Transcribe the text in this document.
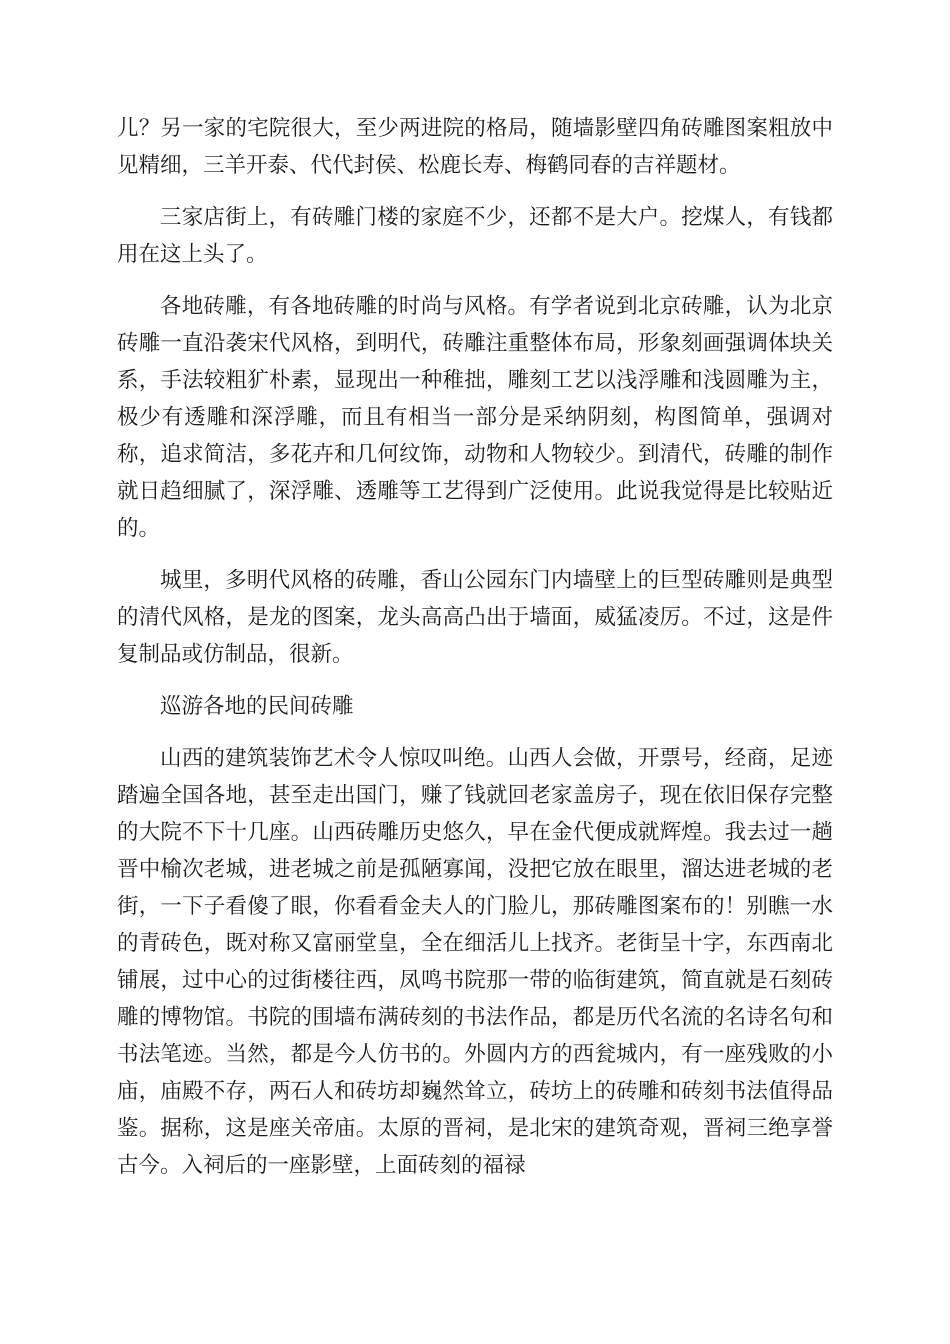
儿？另一家的宅院很大，至少两进院的格局，随墙影壁四角砖雕图案粗放中见精细，三羊开泰、代代封侯、松鹿长寿、梅鹤同春的吉祥题材。

三家店街上，有砖雕门楼的家庭不少，还都不是大户。挖煤人，有钱都用在这上头了。

各地砖雕，有各地砖雕的时尚与风格。有学者说到北京砖雕，认为北京砖雕一直沿袭宋代风格，到明代，砖雕注重整体布局，形象刻画强调体块关系，手法较粗犷朴素，显现出一种稚拙，雕刻工艺以浅浮雕和浅圆雕为主，极少有透雕和深浮雕，而且有相当一部分是采纳阴刻，构图简单，强调对称，追求简洁，多花卉和几何纹饰，动物和人物较少。到清代，砖雕的制作就日趋细腻了，深浮雕、透雕等工艺得到广泛使用。此说我觉得是比较贴近的。

城里，多明代风格的砖雕，香山公园东门内墙壁上的巨型砖雕则是典型的清代风格，是龙的图案，龙头高高凸出于墙面，威猛凌厉。不过，这是件复制品或仿制品，很新。

巡游各地的民间砖雕

山西的建筑装饰艺术令人惊叹叫绝。山西人会做，开票号，经商，足迹踏遍全国各地，甚至走出国门，赚了钱就回老家盖房子，现在依旧保存完整的大院不下十几座。山西砖雕历史悠久，早在金代便成就辉煌。我去过一趟晋中榆次老城，进老城之前是孤陋寡闻，没把它放在眼里，溜达进老城的老街，一下子看傻了眼，你看看金夫人的门脸儿，那砖雕图案布的！别瞧一水的青砖色，既对称又富丽堂皇，全在细活儿上找齐。老街呈十字，东西南北铺展，过中心的过街楼往西，凤鸣书院那一带的临街建筑，简直就是石刻砖雕的博物馆。书院的围墙布满砖刻的书法作品，都是历代名流的名诗名句和书法笔迹。当然，都是今人仿书的。外圆内方的西瓮城内，有一座残败的小庙，庙殿不存，两石人和砖坊却巍然耸立，砖坊上的砖雕和砖刻书法值得品鉴。据称，这是座关帝庙。太原的晋祠，是北宋的建筑奇观，晋祠三绝享誉古今。入祠后的一座影壁，上面砖刻的福禄
